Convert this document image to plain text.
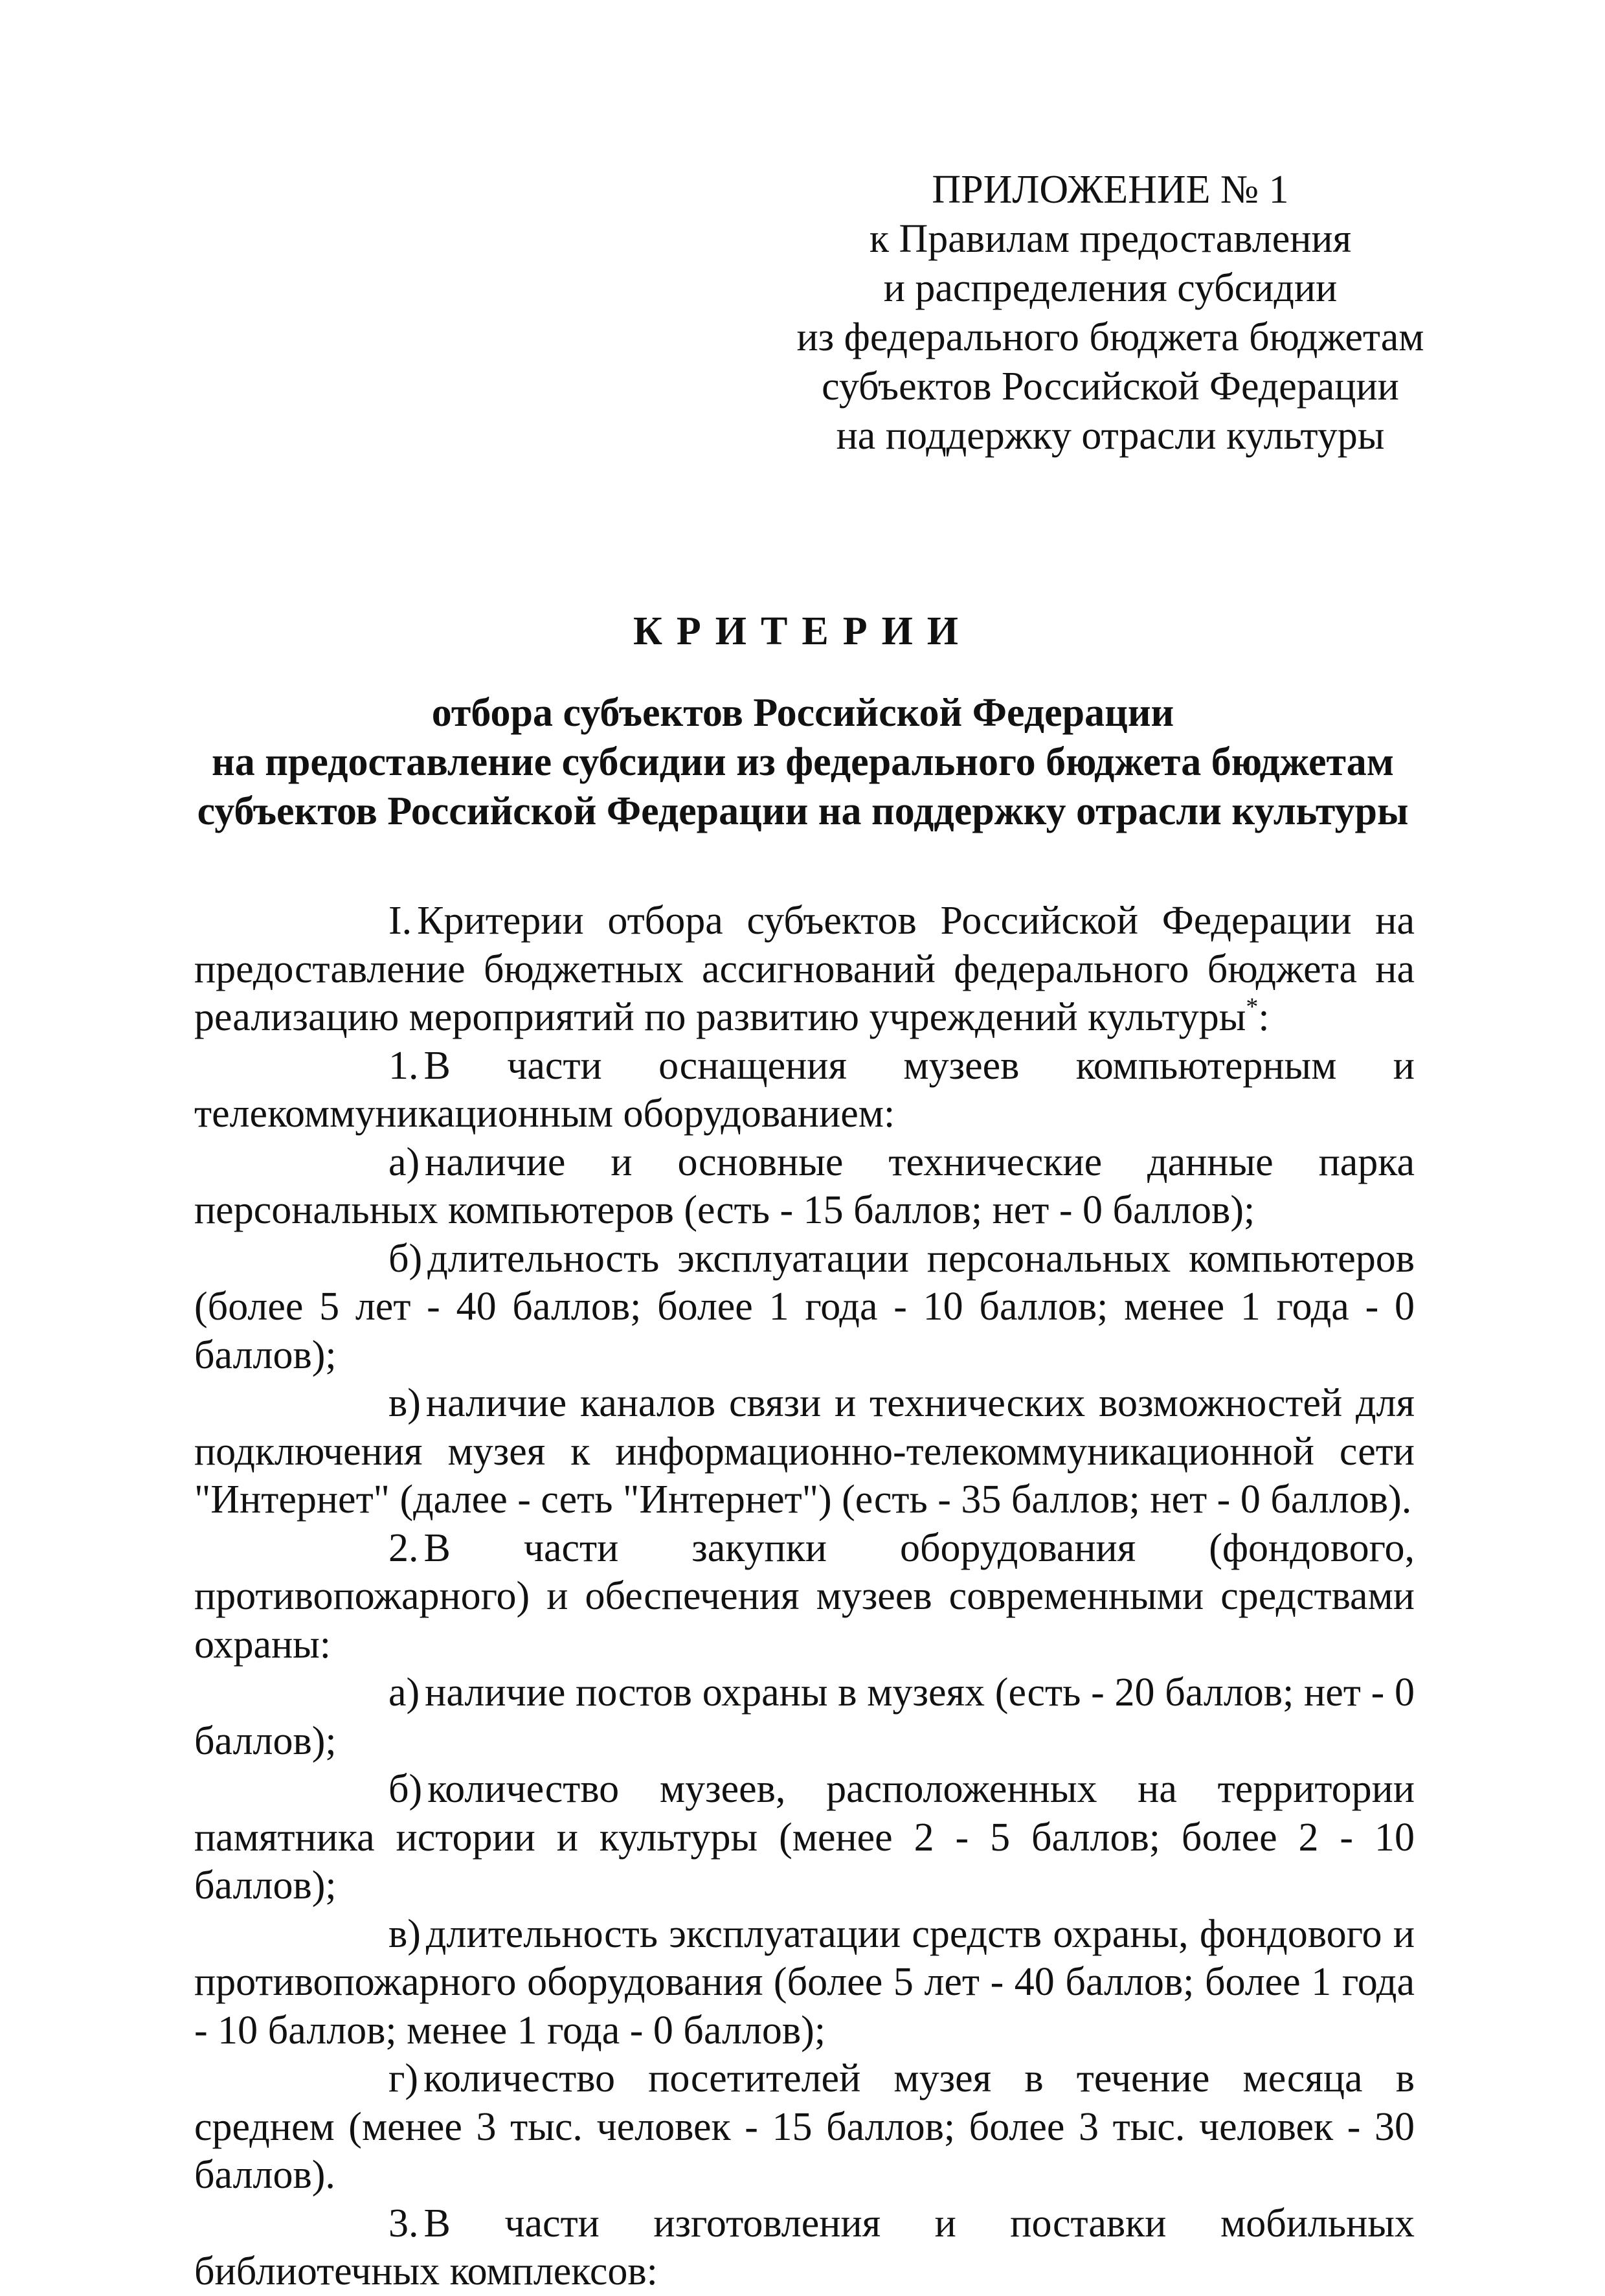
ПРИЛОЖЕНИЕ № 1
к Правилам предоставления
и распределения субсидии
из федерального бюджета бюджетам
субъектов Российской Федерации
на поддержку отрасли культуры
КРИТЕРИИ
отбора субъектов Российской Федерации
на предоставление субсидии из федерального бюджета бюджетам
субъектов Российской Федерации на поддержку отрасли культуры

I. Критерии отбора субъектов Российской Федерации на предоставление бюджетных ассигнований федерального бюджета на реализацию мероприятий по развитию учреждений культуры*:

1. В части оснащения музеев компьютерным и телекоммуникационным оборудованием:

а) наличие и основные технические данные парка персональных компьютеров (есть - 15 баллов; нет - 0 баллов);

б) длительность эксплуатации персональных компьютеров (более 5 лет - 40 баллов; более 1 года - 10 баллов; менее 1 года - 0 баллов);

в) наличие каналов связи и технических возможностей для подключения музея к информационно-телекоммуникационной сети "Интернет" (далее - сеть "Интернет") (есть - 35 баллов; нет - 0 баллов).

2. В части закупки оборудования (фондового, противопожарного) и обеспечения музеев современными средствами охраны:

а) наличие постов охраны в музеях (есть - 20 баллов; нет - 0 баллов);

б) количество музеев, расположенных на территории памятника истории и культуры (менее 2 - 5 баллов; более 2 - 10 баллов);

в) длительность эксплуатации средств охраны, фондового и противопожарного оборудования (более 5 лет - 40 баллов; более 1 года - 10 баллов; менее 1 года - 0 баллов);

г) количество посетителей музея в течение месяца в среднем (менее 3 тыс. человек - 15 баллов; более 3 тыс. человек - 30 баллов).

3. В части изготовления и поставки мобильных библиотечных комплексов:
